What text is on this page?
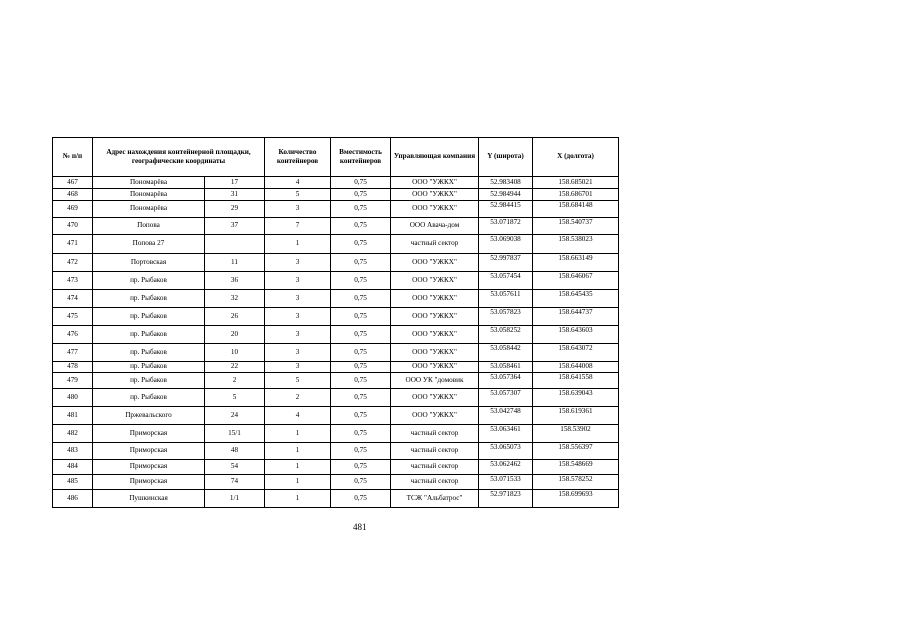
№ п/п	Адрес нахождения контейнерной площадки, географические координаты		Количество контейнеров	Вместимость контейнеров	Управляющая компания	Y (широта)	X (долгота)
467	Пономарёва	17	4	0,75	ООО "УЖКХ"	52.983408	158.685021
468	Пономарёва	31	5	0,75	ООО "УЖКХ"	52.984944	158.686701
469	Пономарёва	29	3	0,75	ООО "УЖКХ"	52.984415	158.684148
470	Попова	37	7	0,75	ООО Авача-дом	53.071872	158.540737
471	Попова 27		1	0,75	частный сектор	53.069038	158.538023
472	Портовская	11	3	0,75	ООО "УЖКХ"	52.997837	158.663149
473	пр. Рыбаков	36	3	0,75	ООО "УЖКХ"	53.057454	158.646067
474	пр. Рыбаков	32	3	0,75	ООО "УЖКХ"	53.057611	158.645435
475	пр. Рыбаков	26	3	0,75	ООО "УЖКХ"	53.057823	158.644737
476	пр. Рыбаков	20	3	0,75	ООО "УЖКХ"	53.058252	158.643603
477	пр. Рыбаков	10	3	0,75	ООО "УЖКХ"	53.058442	158.643072
478	пр. Рыбаков	22	3	0,75	ООО "УЖКХ"	53.058461	158.644008
479	пр. Рыбаков	2	5	0,75	ООО УК "домовик	53.057364	158.641558
480	пр. Рыбаков	5	2	0,75	ООО "УЖКХ"	53.057307	158.639043
481	Пржевальского	24	4	0,75	ООО "УЖКХ"	53.042748	158.619361
482	Приморская	15/1	1	0,75	частный сектор	53.063461	158.53902
483	Приморская	48	1	0,75	частный сектор	53.065073	158.556397
484	Приморская	54	1	0,75	частный сектор	53.062462	158.548669
485	Приморская	74	1	0,75	частный сектор	53.071533	158.578252
486	Пушкинская	1/1	1	0,75	ТСЖ "Альбатрос"	52.971823	158.699693
481
